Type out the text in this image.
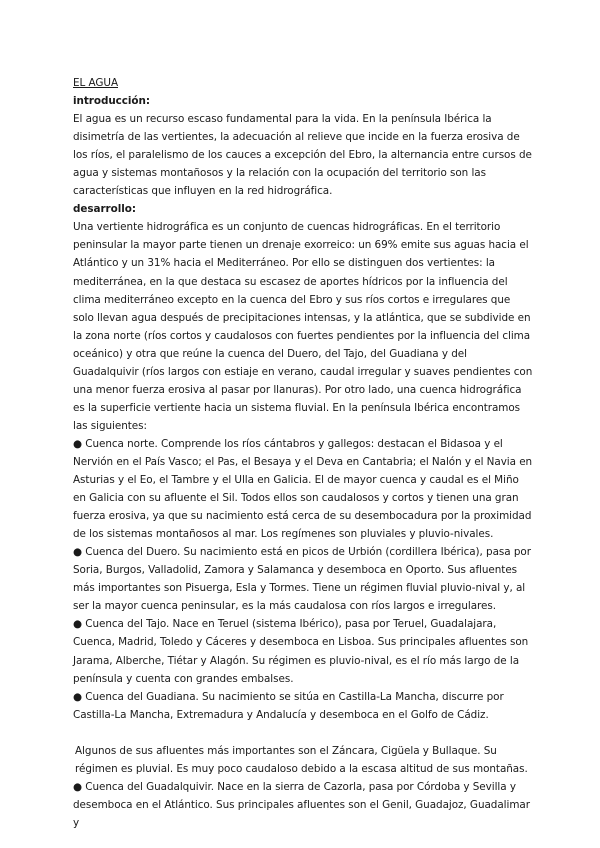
EL AGUA

introducción:

El agua es un recurso escaso fundamental para la vida. En la península Ibérica la disimetría de las vertientes, la adecuación al relieve que incide en la fuerza erosiva de los ríos, el paralelismo de los cauces a excepción del Ebro, la alternancia entre cursos de agua y sistemas montañosos y la relación con la ocupación del territorio son las características que influyen en la red hidrográfica.

desarrollo:

Una vertiente hidrográfica es un conjunto de cuencas hidrográficas. En el territorio peninsular la mayor parte tienen un drenaje exorreico: un 69% emite sus aguas hacia el Atlántico y un 31% hacia el Mediterráneo. Por ello se distinguen dos vertientes: la mediterránea, en la que destaca su escasez de aportes hídricos por la influencia del clima mediterráneo excepto en la cuenca del Ebro y sus ríos cortos e irregulares que solo llevan agua después de precipitaciones intensas, y la atlántica, que se subdivide en la zona norte (ríos cortos y caudalosos con fuertes pendientes por la influencia del clima oceánico) y otra que reúne la cuenca del Duero, del Tajo, del Guadiana y del Guadalquivir (ríos largos con estiaje en verano, caudal irregular y suaves pendientes con una menor fuerza erosiva al pasar por llanuras). Por otro lado, una cuenca hidrográfica es la superficie vertiente hacia un sistema fluvial. En la península Ibérica encontramos las siguientes:

● Cuenca norte. Comprende los ríos cántabros y gallegos: destacan el Bidasoa y el Nervión en el País Vasco; el Pas, el Besaya y el Deva en Cantabria; el Nalón y el Navia en Asturias y el Eo, el Tambre y el Ulla en Galicia. El de mayor cuenca y caudal es el Miño en Galicia con su afluente el Sil. Todos ellos son caudalosos y cortos y tienen una gran fuerza erosiva, ya que su nacimiento está cerca de su desembocadura por la proximidad de los sistemas montañosos al mar. Los regímenes son pluviales y pluvio-nivales.

● Cuenca del Duero. Su nacimiento está en picos de Urbión (cordillera Ibérica), pasa por Soria, Burgos, Valladolid, Zamora y Salamanca y desemboca en Oporto. Sus afluentes más importantes son Pisuerga, Esla y Tormes. Tiene un régimen fluvial pluvio-nival y, al ser la mayor cuenca peninsular, es la más caudalosa con ríos largos e irregulares.

● Cuenca del Tajo. Nace en Teruel (sistema Ibérico), pasa por Teruel, Guadalajara, Cuenca, Madrid, Toledo y Cáceres y desemboca en Lisboa. Sus principales afluentes son Jarama, Alberche, Tiétar y Alagón. Su régimen es pluvio-nival, es el río más largo de la península y cuenta con grandes embalses.

● Cuenca del Guadiana. Su nacimiento se sitúa en Castilla-La Mancha, discurre por Castilla-La Mancha, Extremadura y Andalucía y desemboca en el Golfo de Cádiz.

Algunos de sus afluentes más importantes son el Záncara, Cigüela y Bullaque. Su régimen es pluvial. Es muy poco caudaloso debido a la escasa altitud de sus montañas.

● Cuenca del Guadalquivir. Nace en la sierra de Cazorla, pasa por Córdoba y Sevilla y desemboca en el Atlántico. Sus principales afluentes son el Genil, Guadajoz, Guadalimar y
